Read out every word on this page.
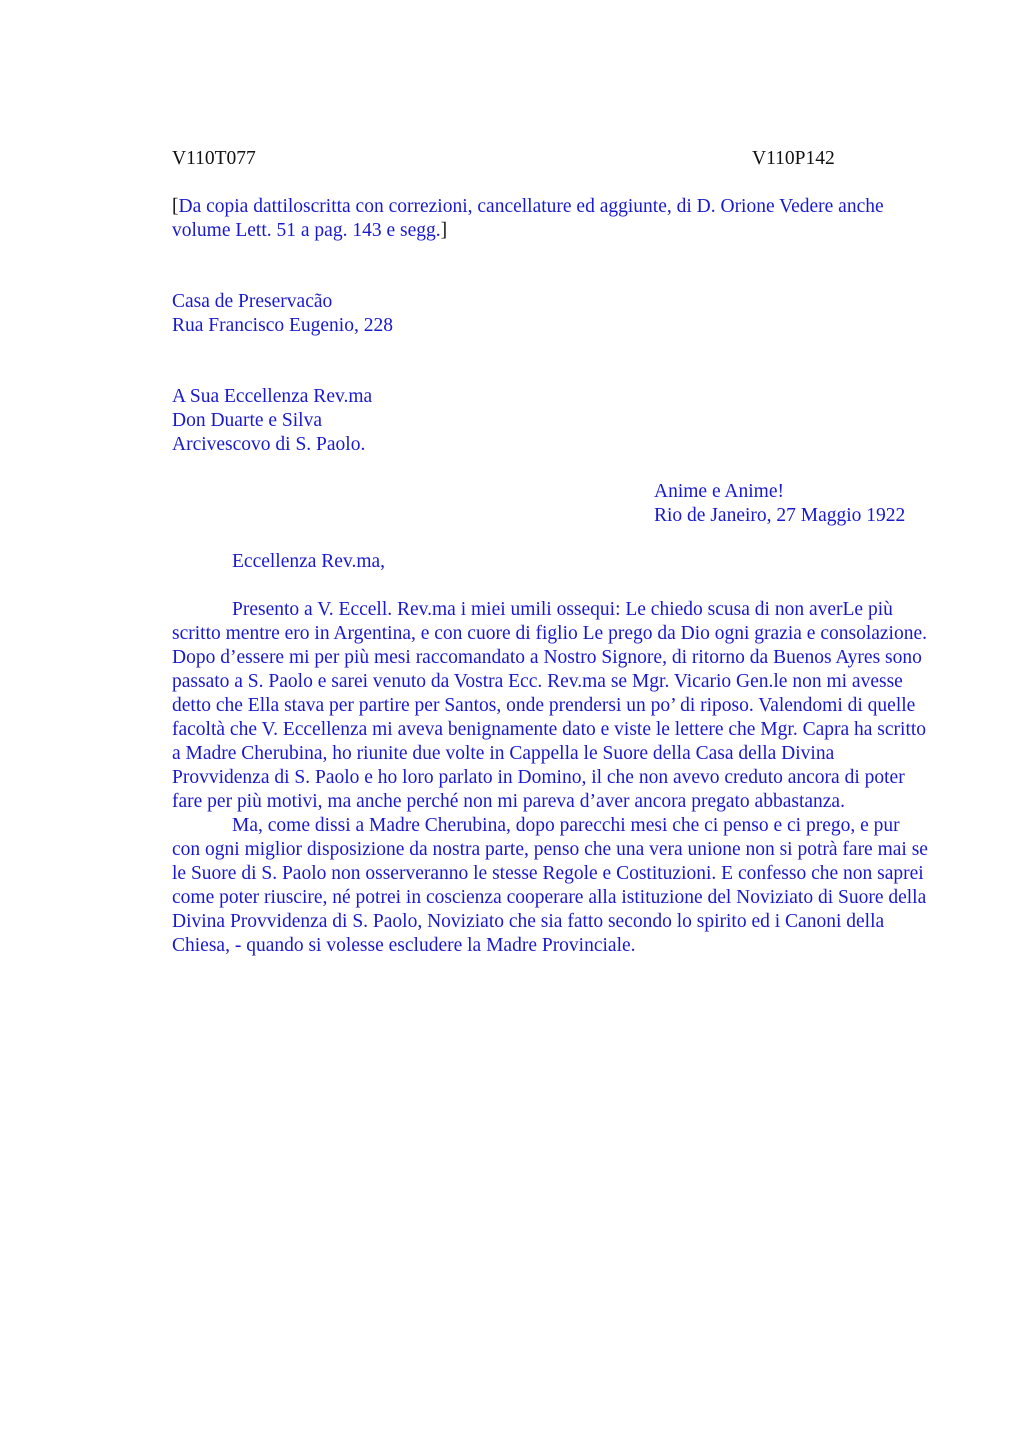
V110T077	V110P142
[Da copia dattiloscritta con correzioni, cancellature ed aggiunte, di D. Orione Vedere anche volume Lett. 51 a pag. 143 e segg.]
Casa de Preservacão
Rua Francisco Eugenio, 228
A Sua Eccellenza Rev.ma
Don Duarte e Silva
Arcivescovo di S. Paolo.
Anime e Anime!
Rio de Janeiro, 27 Maggio 1922
Eccellenza Rev.ma,

Presento a V. Eccell. Rev.ma i miei umili ossequi: Le chiedo scusa di non averLe più scritto mentre ero in Argentina, e con cuore di figlio Le prego da Dio ogni grazia e consolazione. Dopo d’essere mi per più mesi raccomandato a Nostro Signore, di ritorno da Buenos Ayres sono passato a S. Paolo e sarei venuto da Vostra Ecc. Rev.ma se Mgr. Vicario Gen.le non mi avesse detto che Ella stava per partire per Santos, onde prendersi un po’ di riposo. Valendomi di quelle facoltà che V. Eccellenza mi aveva benignamente dato e viste le lettere che Mgr. Capra ha scritto a Madre Cherubina, ho riunite due volte in Cappella le Suore della Casa della Divina Provvidenza di S. Paolo e ho loro parlato in Domino, il che non avevo creduto ancora di poter fare per più motivi, ma anche perché non mi pareva d’aver ancora pregato abbastanza.

Ma, come dissi a Madre Cherubina, dopo parecchi mesi che ci penso e ci prego, e pur con ogni miglior disposizione da nostra parte, penso che una vera unione non si potrà fare mai se le Suore di S. Paolo non osserveranno le stesse Regole e Costituzioni. E confesso che non saprei come poter riuscire, né potrei in coscienza cooperare alla istituzione del Noviziato di Suore della Divina Provvidenza di S. Paolo, Noviziato che sia fatto secondo lo spirito ed i Canoni della Chiesa, - quando si volesse escludere la Madre Provinciale.
